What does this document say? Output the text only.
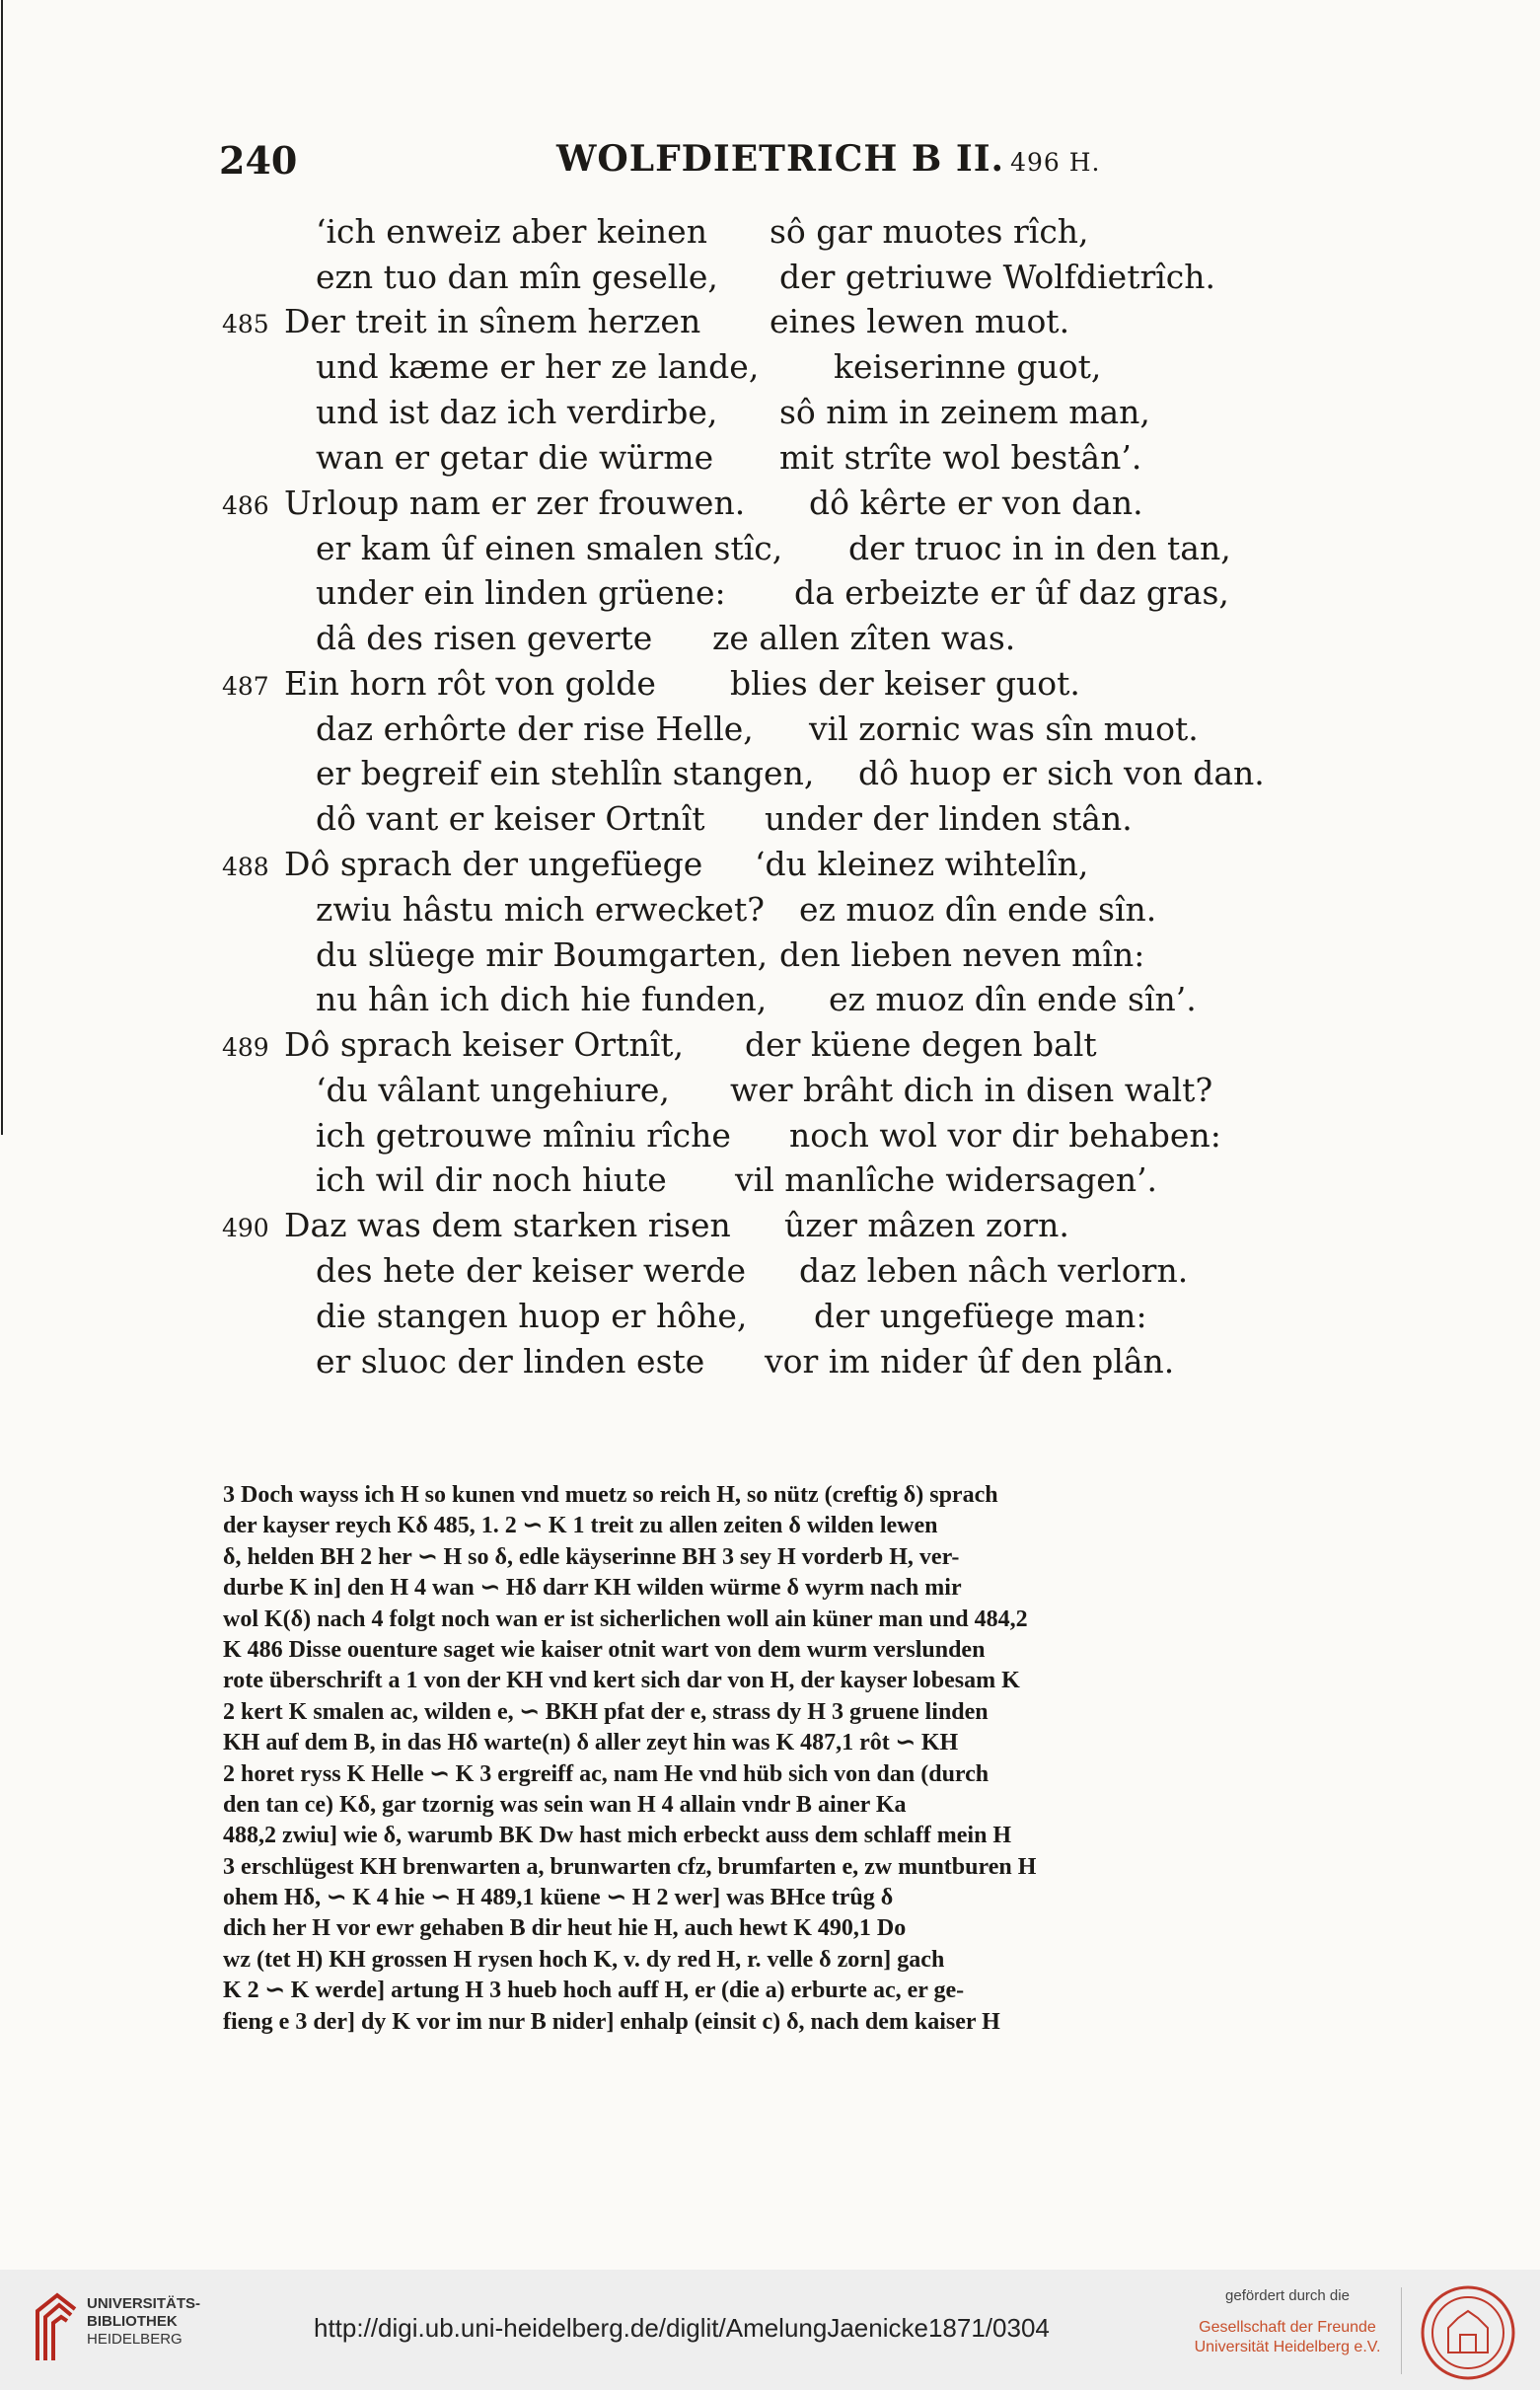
240	WOLFDIETRICH B II. 496 H.
‘ich enweiz aber keinen sô gar muotes rîch,
ezn tuo dan mîn geselle, der getriuwe Wolfdietrîch.
485 Der treit in sînem herzen eines lewen muot.
und kæme er her ze lande, keiserinne guot,
und ist daz ich verdirbe, sô nim in zeinem man,
wan er getar die würme mit strîte wol bestân’.
486 Urloup nam er zer frouwen. dô kêrte er von dan.
er kam ûf einen smalen stîc, der truoc in in den tan,
under ein linden grüene: da erbeizte er ûf daz gras,
dâ des risen geverte ze allen zîten was.
487 Ein horn rôt von golde blies der keiser guot.
daz erhôrte der rise Helle, vil zornic was sîn muot.
er begreif ein stehlîn stangen, dô huop er sich von dan.
dô vant er keiser Ortnît under der linden stân.
488 Dô sprach der ungefüege ‘du kleinez wihtelîn,
zwiu hâstu mich erwecket? ez muoz dîn ende sîn.
du slüege mir Boumgarten, den lieben neven mîn:
nu hân ich dich hie funden, ez muoz dîn ende sîn’.
489 Dô sprach keiser Ortnît, der küene degen balt
‘du vâlant ungehiure, wer brâht dich in disen walt?
ich getrouwe mîniu rîche noch wol vor dir behaben:
ich wil dir noch hiute vil manlîche widersagen’.
490 Daz was dem starken risen ûzer mâzen zorn.
des hete der keiser werde daz leben nâch verlorn.
die stangen huop er hôhe, der ungefüege man:
er sluoc der linden este vor im nider ûf den plân.
3 Doch wayss ich H so kunen vnd muetz so reich H, so nütz (creftig δ) sprach
der kayser reych Kδ 485, 1. 2 ∽ K 1 treit zu allen zeiten δ wilden lewen
δ, helden BH 2 her ∽ H so δ, edle käyserinne BH 3 sey H vorderb H, ver-
durbe K in] den H 4 wan ∽ Hδ darr KH wilden würme δ wyrm nach mir
wol K(δ) nach 4 folgt noch wan er ist sicherlichen woll ain küner man und 484,2
K 486 Disse ouenture saget wie kaiser otnit wart von dem wurm verslunden
rote überschrift a 1 von der KH vnd kert sich dar von H, der kayser lobesam K
2 kert K smalen ac, wilden e, ∽ BKH pfat der e, strass dy H 3 gruene linden
KH auf dem B, in das Hδ warte(n) δ aller zeyt hin was K 487,1 rôt ∽ KH
2 horet ryss K Helle ∽ K 3 ergreiff ac, nam He vnd hüb sich von dan (durch
den tan ce) Kδ, gar tzornig was sein wan H 4 allain vndr B ainer Ka
488,2 zwiu] wie δ, warumb BK Dw hast mich erbeckt auss dem schlaff mein H
3 erschlügest KH brenwarten a, brunwarten cfz, brumfarten e, zw muntburen H
ohem Hδ, ∽ K 4 hie ∽ H 489,1 küene ∽ H 2 wer] was BHce trûg δ
dich her H vor ewr gehaben B dir heut hie H, auch hewt K 490,1 Do
wz (tet H) KH grossen H rysen hoch K, v. dy red H, r. velle δ zorn] gach
K 2 ∽ K werde] artung H 3 hueb hoch auff H, er (die a) erburte ac, er ge-
fieng e 3 der] dy K vor im nur B nider] enhalp (einsit c) δ, nach dem kaiser H
UNIVERSITÄTS-
BIBLIOTHEK
HEIDELBERG	http://digi.ub.uni-heidelberg.de/diglit/AmelungJaenicke1871/0304
gefördert durch die
Gesellschaft der Freunde
Universität Heidelberg e.V.
